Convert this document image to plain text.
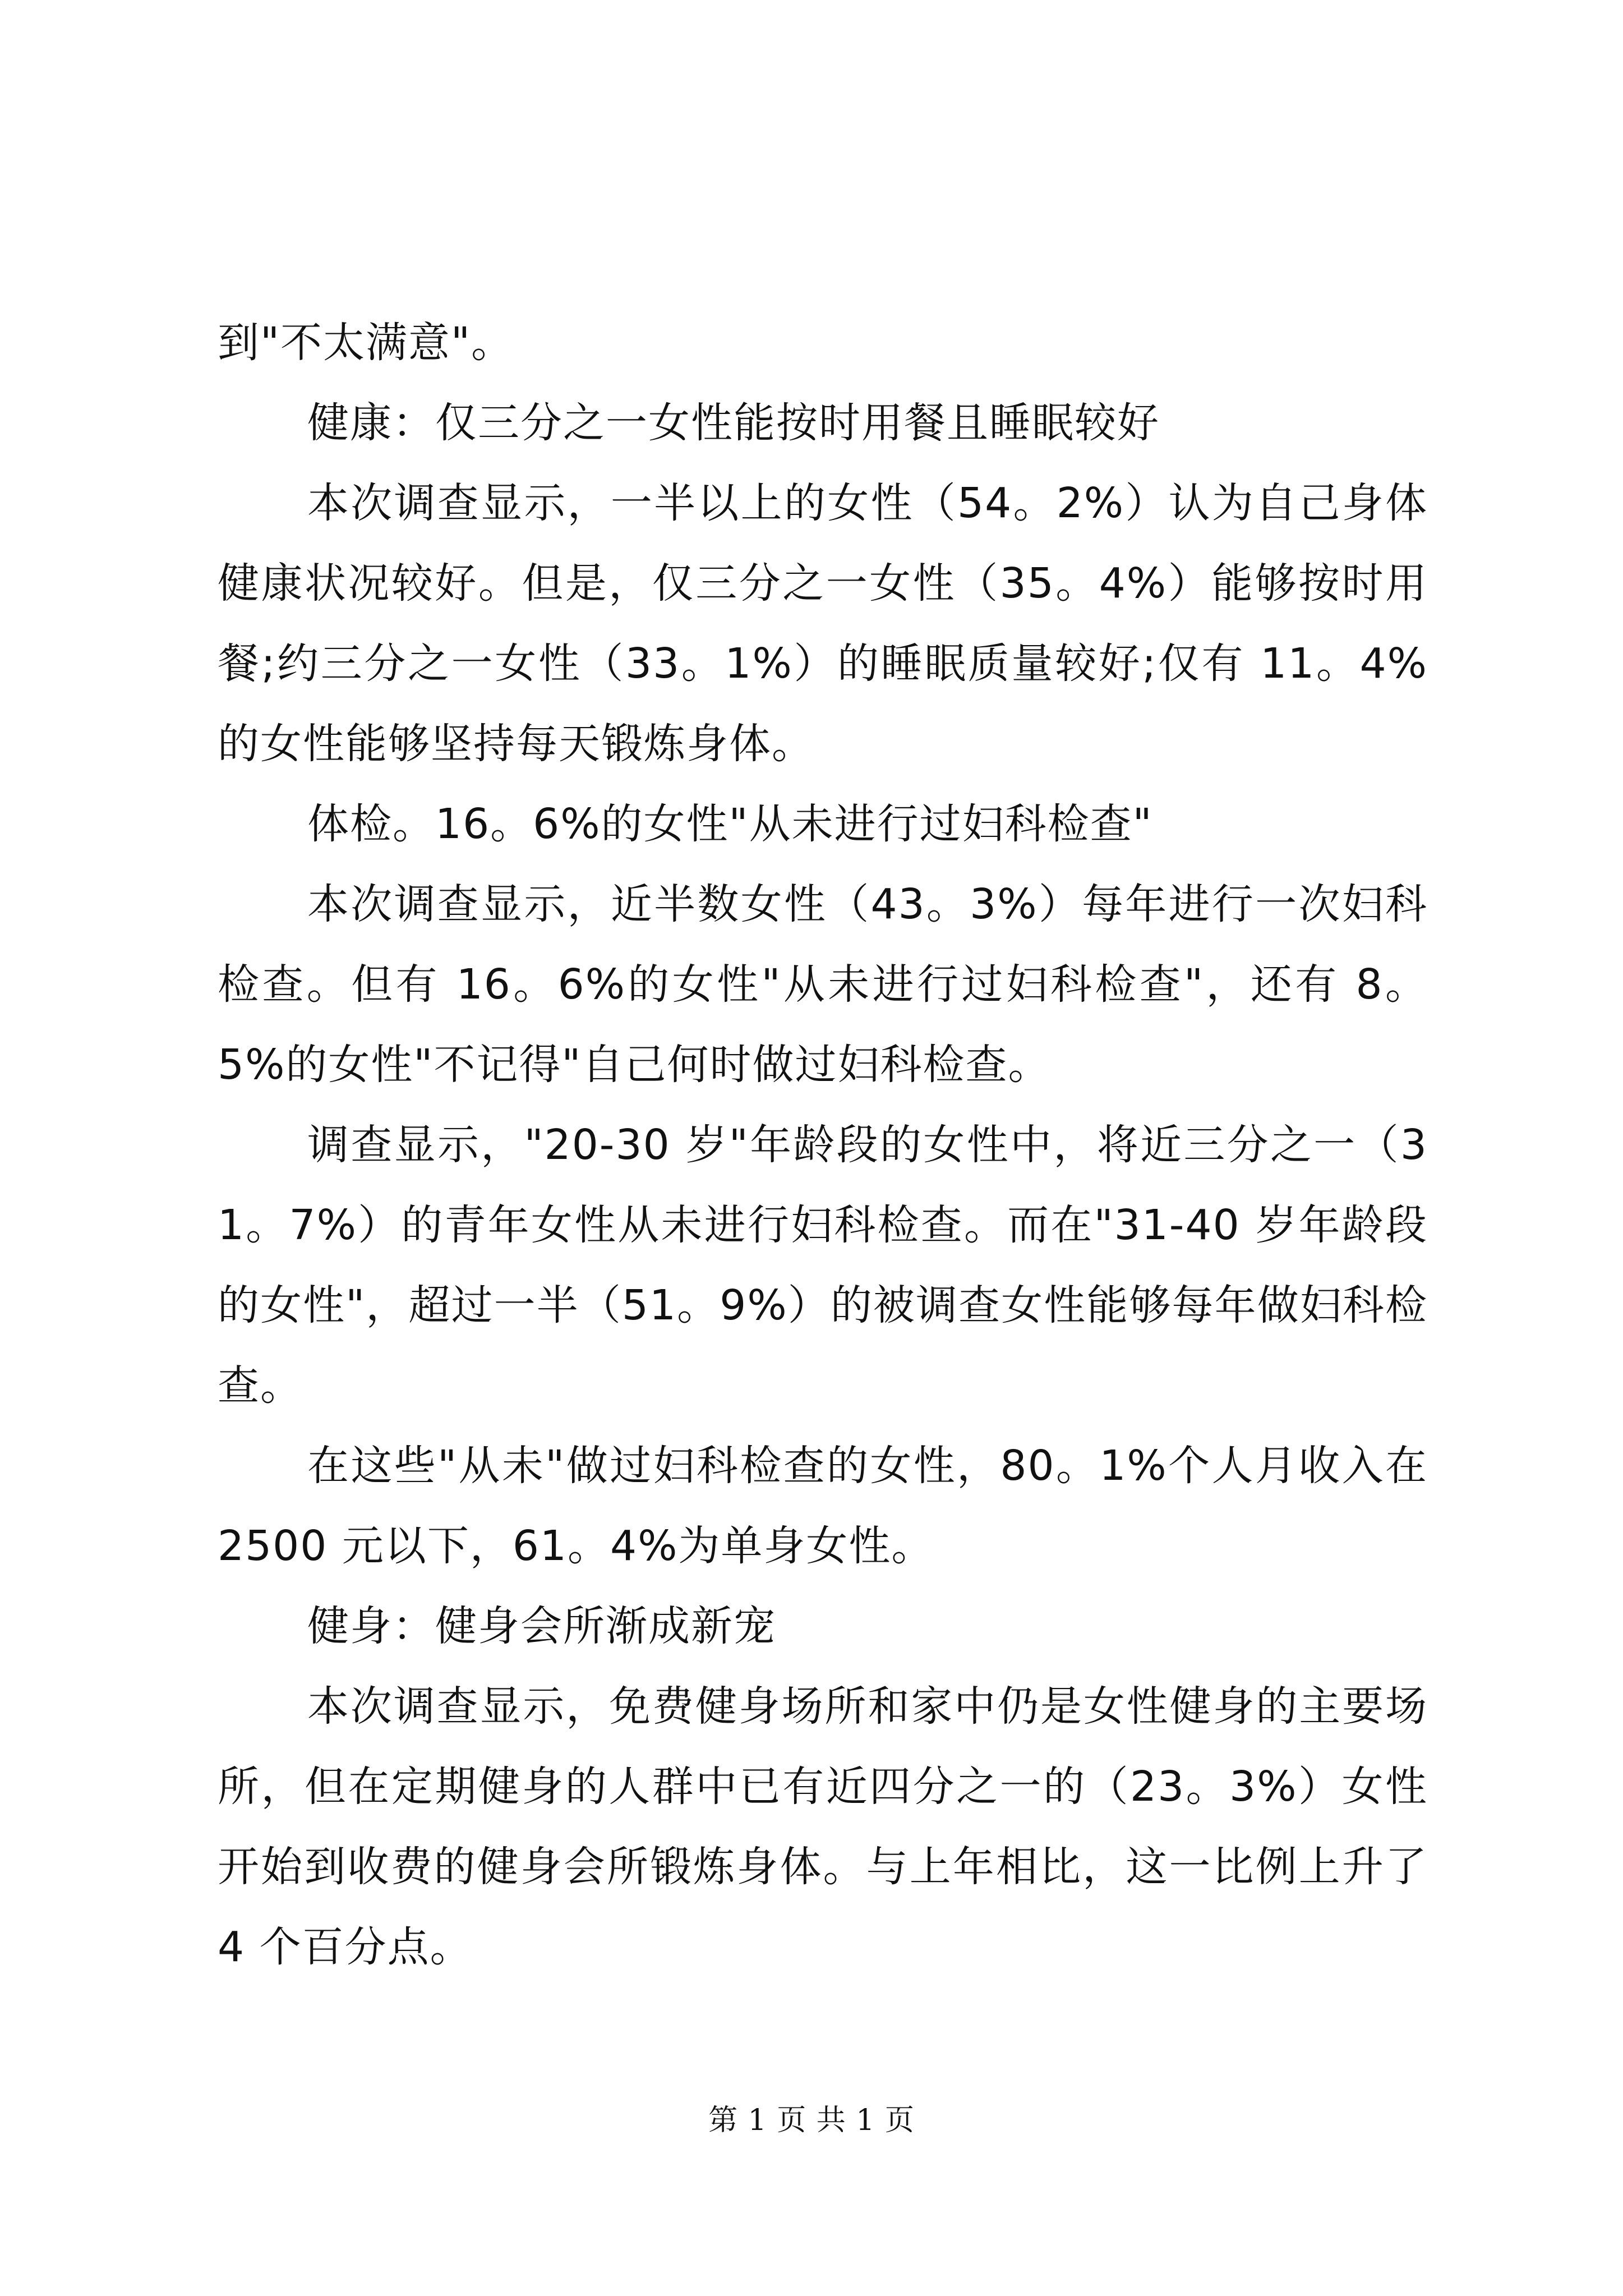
到"不太满意"。

健康：仅三分之一女性能按时用餐且睡眠较好

本次调查显示，一半以上的女性（54。2%）认为自己身体健康状况较好。但是，仅三分之一女性（35。4%）能够按时用餐;约三分之一女性（33。1%）的睡眠质量较好;仅有 11。4%的女性能够坚持每天锻炼身体。

体检。16。6%的女性"从未进行过妇科检查"

本次调查显示，近半数女性（43。3%）每年进行一次妇科检查。但有 16。6%的女性"从未进行过妇科检查"，还有 8。5%的女性"不记得"自己何时做过妇科检查。

调查显示，"20-30 岁"年龄段的女性中，将近三分之一（31。7%）的青年女性从未进行妇科检查。而在"31-40 岁年龄段的女性"，超过一半（51。9%）的被调查女性能够每年做妇科检查。

在这些"从未"做过妇科检查的女性，80。1%个人月收入在 2500 元以下，61。4%为单身女性。

健身：健身会所渐成新宠

本次调查显示，免费健身场所和家中仍是女性健身的主要场所，但在定期健身的人群中已有近四分之一的（23。3%）女性开始到收费的健身会所锻炼身体。与上年相比，这一比例上升了 4 个百分点。

第 1 页 共 1 页
